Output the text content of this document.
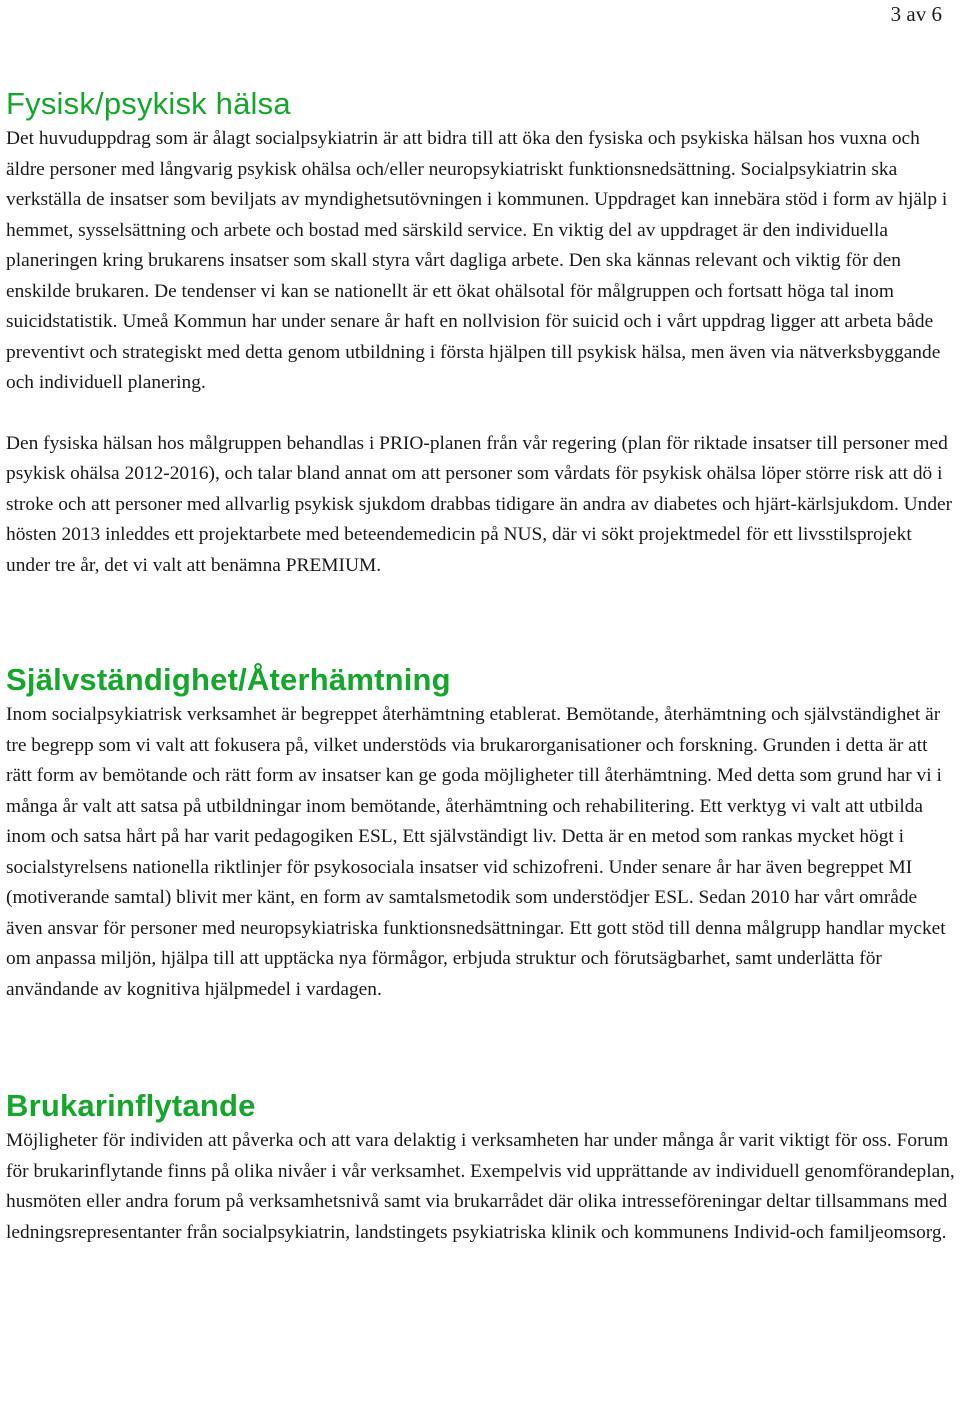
3 av 6
Fysisk/psykisk hälsa

Det huvuduppdrag som är ålagt socialpsykiatrin är att bidra till att öka den fysiska och psykiska hälsan hos vuxna och äldre personer med långvarig psykisk ohälsa och/eller neuropsykiatriskt funktionsnedsättning. Socialpsykiatrin ska verkställa de insatser som beviljats av myndighetsutövningen i kommunen. Uppdraget kan innebära stöd i form av hjälp i hemmet, sysselsättning och arbete och bostad med särskild service. En viktig del av uppdraget är den individuella planeringen kring brukarens insatser som skall styra vårt dagliga arbete. Den ska kännas relevant och viktig för den enskilde brukaren. De tendenser vi kan se nationellt är ett ökat ohälsotal för målgruppen och fortsatt höga tal inom suicidstatistik. Umeå Kommun har under senare år haft en nollvision för suicid och i vårt uppdrag ligger att arbeta både preventivt och strategiskt med detta genom utbildning i första hjälpen till psykisk hälsa, men även via nätverksbyggande och individuell planering.

Den fysiska hälsan hos målgruppen behandlas i PRIO-planen från vår regering (plan för riktade insatser till personer med psykisk ohälsa 2012-2016), och talar bland annat om att personer som vårdats för psykisk ohälsa löper större risk att dö i stroke och att personer med allvarlig psykisk sjukdom drabbas tidigare än andra av diabetes och hjärt-kärlsjukdom. Under hösten 2013 inleddes ett projektarbete med beteendemedicin på NUS, där vi sökt projektmedel för ett livsstilsprojekt under tre år, det vi valt att benämna PREMIUM.

Självständighet/Återhämtning

Inom socialpsykiatrisk verksamhet är begreppet återhämtning etablerat. Bemötande, återhämtning och självständighet är tre begrepp som vi valt att fokusera på, vilket understöds via brukarorganisationer och forskning. Grunden i detta är att rätt form av bemötande och rätt form av insatser kan ge goda möjligheter till återhämtning. Med detta som grund har vi i många år valt att satsa på utbildningar inom bemötande, återhämtning och rehabilitering. Ett verktyg vi valt att utbilda inom och satsa hårt på har varit pedagogiken ESL, Ett självständigt liv. Detta är en metod som rankas mycket högt i socialstyrelsens nationella riktlinjer för psykosociala insatser vid schizofreni. Under senare år har även begreppet MI (motiverande samtal) blivit mer känt, en form av samtalsmetodik som understödjer ESL. Sedan 2010 har vårt område även ansvar för personer med neuropsykiatriska funktionsnedsättningar. Ett gott stöd till denna målgrupp handlar mycket om anpassa miljön, hjälpa till att upptäcka nya förmågor, erbjuda struktur och förutsägbarhet, samt underlätta för användande av kognitiva hjälpmedel i vardagen.

Brukarinflytande

Möjligheter för individen att påverka och att vara delaktig i verksamheten har under många år varit viktigt för oss. Forum för brukarinflytande finns på olika nivåer i vår verksamhet. Exempelvis vid upprättande av individuell genomförandeplan, husmöten eller andra forum på verksamhetsnivå samt via brukarrådet där olika intresseföreningar deltar tillsammans med ledningsrepresentanter från socialpsykiatrin, landstingets psykiatriska klinik och kommunens Individ-och familjeomsorg.
